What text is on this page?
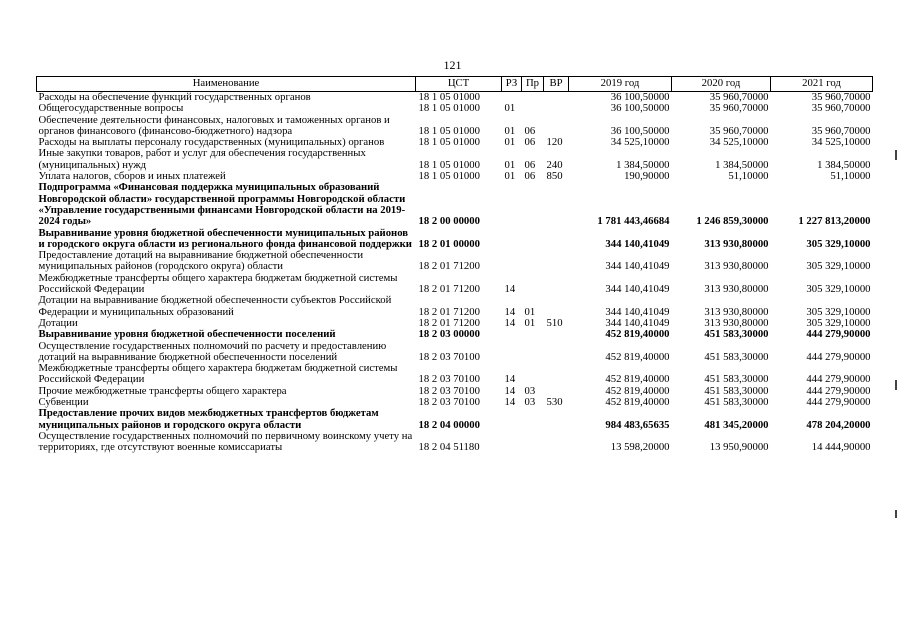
121
Наименование	ЦСТ	РЗ	Пр	ВР	2019 год	2020 год	2021 год
Расходы на обеспечение функций государственных органов	18 1 05 01000				36 100,50000	35 960,70000	35 960,70000
Общегосударственные вопросы	18 1 05 01000	01			36 100,50000	35 960,70000	35 960,70000
Обеспечение деятельности финансовых, налоговых и таможенных органов и органов финансового (финансово-бюджетного) надзора	18 1 05 01000	01	06		36 100,50000	35 960,70000	35 960,70000
Расходы на выплаты персоналу государственных (муниципальных) органов	18 1 05 01000	01	06	120	34 525,10000	34 525,10000	34 525,10000
Иные закупки товаров, работ и услуг для обеспечения государственных (муниципальных) нужд	18 1 05 01000	01	06	240	1 384,50000	1 384,50000	1 384,50000
Уплата налогов, сборов и иных платежей	18 1 05 01000	01	06	850	190,90000	51,10000	51,10000
Подпрограмма «Финансовая поддержка муниципальных образований Новгородской области» государственной программы Новгородской области «Управление государственными финансами Новгородской области на 2019-2024 годы»	18 2 00 00000				1 781 443,46684	1 246 859,30000	1 227 813,20000
Выравнивание уровня бюджетной обеспеченности муниципальных районов и городского округа области из регионального фонда финансовой поддержки	18 2 01 00000				344 140,41049	313 930,80000	305 329,10000
Предоставление дотаций на выравнивание бюджетной обеспеченности муниципальных районов (городского округа) области	18 2 01 71200				344 140,41049	313 930,80000	305 329,10000
Межбюджетные трансферты общего характера бюджетам бюджетной системы Российской Федерации	18 2 01 71200	14			344 140,41049	313 930,80000	305 329,10000
Дотации на выравнивание бюджетной обеспеченности субъектов Российской Федерации и муниципальных образований	18 2 01 71200	14	01		344 140,41049	313 930,80000	305 329,10000
Дотации	18 2 01 71200	14	01	510	344 140,41049	313 930,80000	305 329,10000
Выравнивание уровня бюджетной обеспеченности поселений	18 2 03 00000				452 819,40000	451 583,30000	444 279,90000
Осуществление государственных полномочий по расчету и предоставлению дотаций на выравнивание бюджетной обеспеченности поселений	18 2 03 70100				452 819,40000	451 583,30000	444 279,90000
Межбюджетные трансферты общего характера бюджетам бюджетной системы Российской Федерации	18 2 03 70100	14			452 819,40000	451 583,30000	444 279,90000
Прочие межбюджетные трансферты общего характера	18 2 03 70100	14	03		452 819,40000	451 583,30000	444 279,90000
Субвенции	18 2 03 70100	14	03	530	452 819,40000	451 583,30000	444 279,90000
Предоставление прочих видов межбюджетных трансфертов бюджетам муниципальных районов и городского округа области	18 2 04 00000				984 483,65635	481 345,20000	478 204,20000
Осуществление государственных полномочий по первичному воинскому учету на территориях, где отсутствуют военные комиссариаты	18 2 04 51180				13 598,20000	13 950,90000	14 444,90000
